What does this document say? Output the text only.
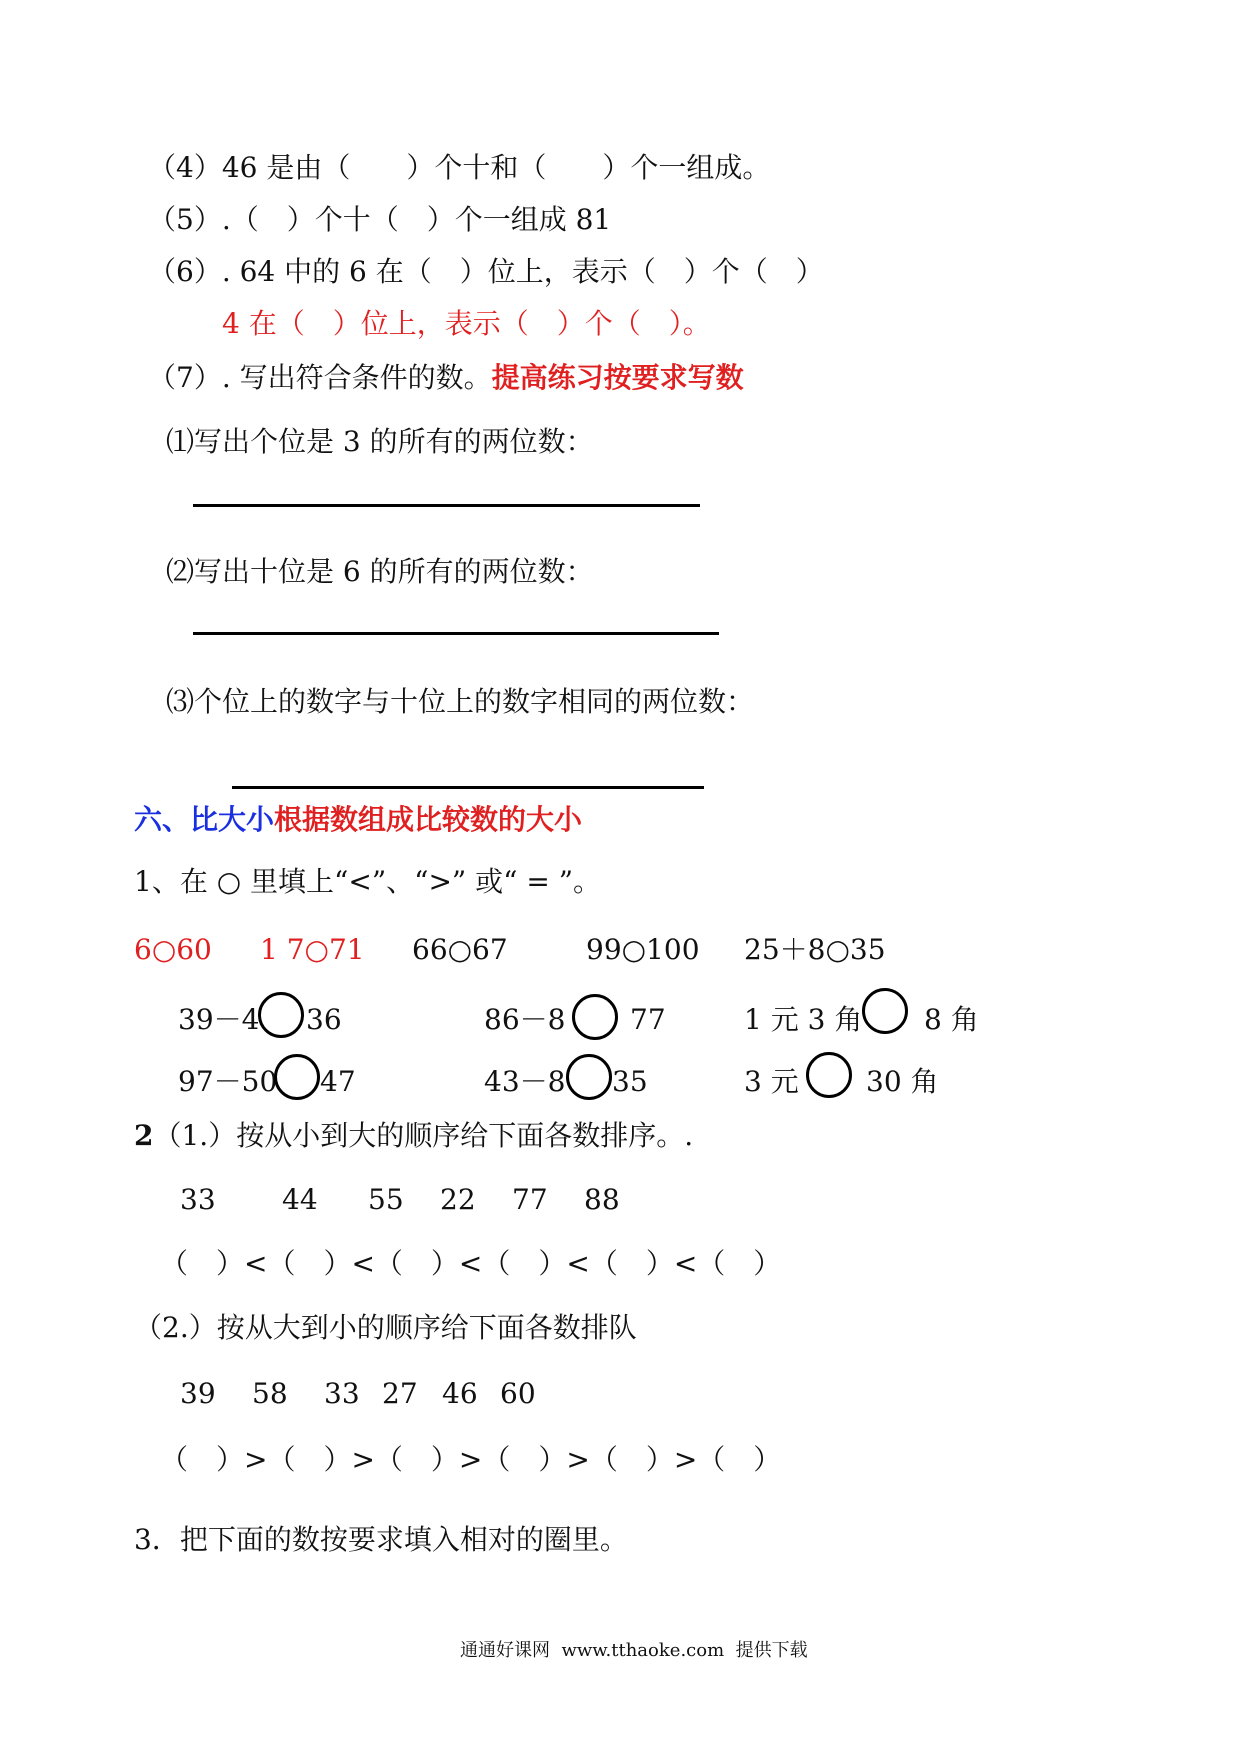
（4）46 是由（　　）个十和（　　）个一组成。
（5）.（　）个十（　）个一组成 81
（6）. 64 中的 6 在（　）位上，表示（　）个（　）
4 在（　）位上，表示（　）个（　）。
（7）. 写出符合条件的数。提高练习按要求写数
⑴写出个位是 3 的所有的两位数：
⑵写出十位是 6 的所有的两位数：
⑶个位上的数字与十位上的数字相同的两位数：
六、比大小根据数组成比较数的大小
1、在 ○ 里填上“<”、“>” 或“ = ”。
6○60 1 7○71 66○67	99○100 25＋8○35
39－4 36	86－8 77	1 元 3 角 8 角
97－50 47	43－8 35	3 元 30 角
2（1.）按从小到大的顺序给下面各数排序。.
33 44 55 22 77 88
（　）<（　）<（　）<（　）<（　）<（　）
（2.）按从大到小的顺序给下面各数排队
39 58 33 27 46 60
（　）>（　）>（　）>（　）>（　）>（　）
3．把下面的数按要求填入相对的圈里。
通通好课网  www.tthaoke.com  提供下载
